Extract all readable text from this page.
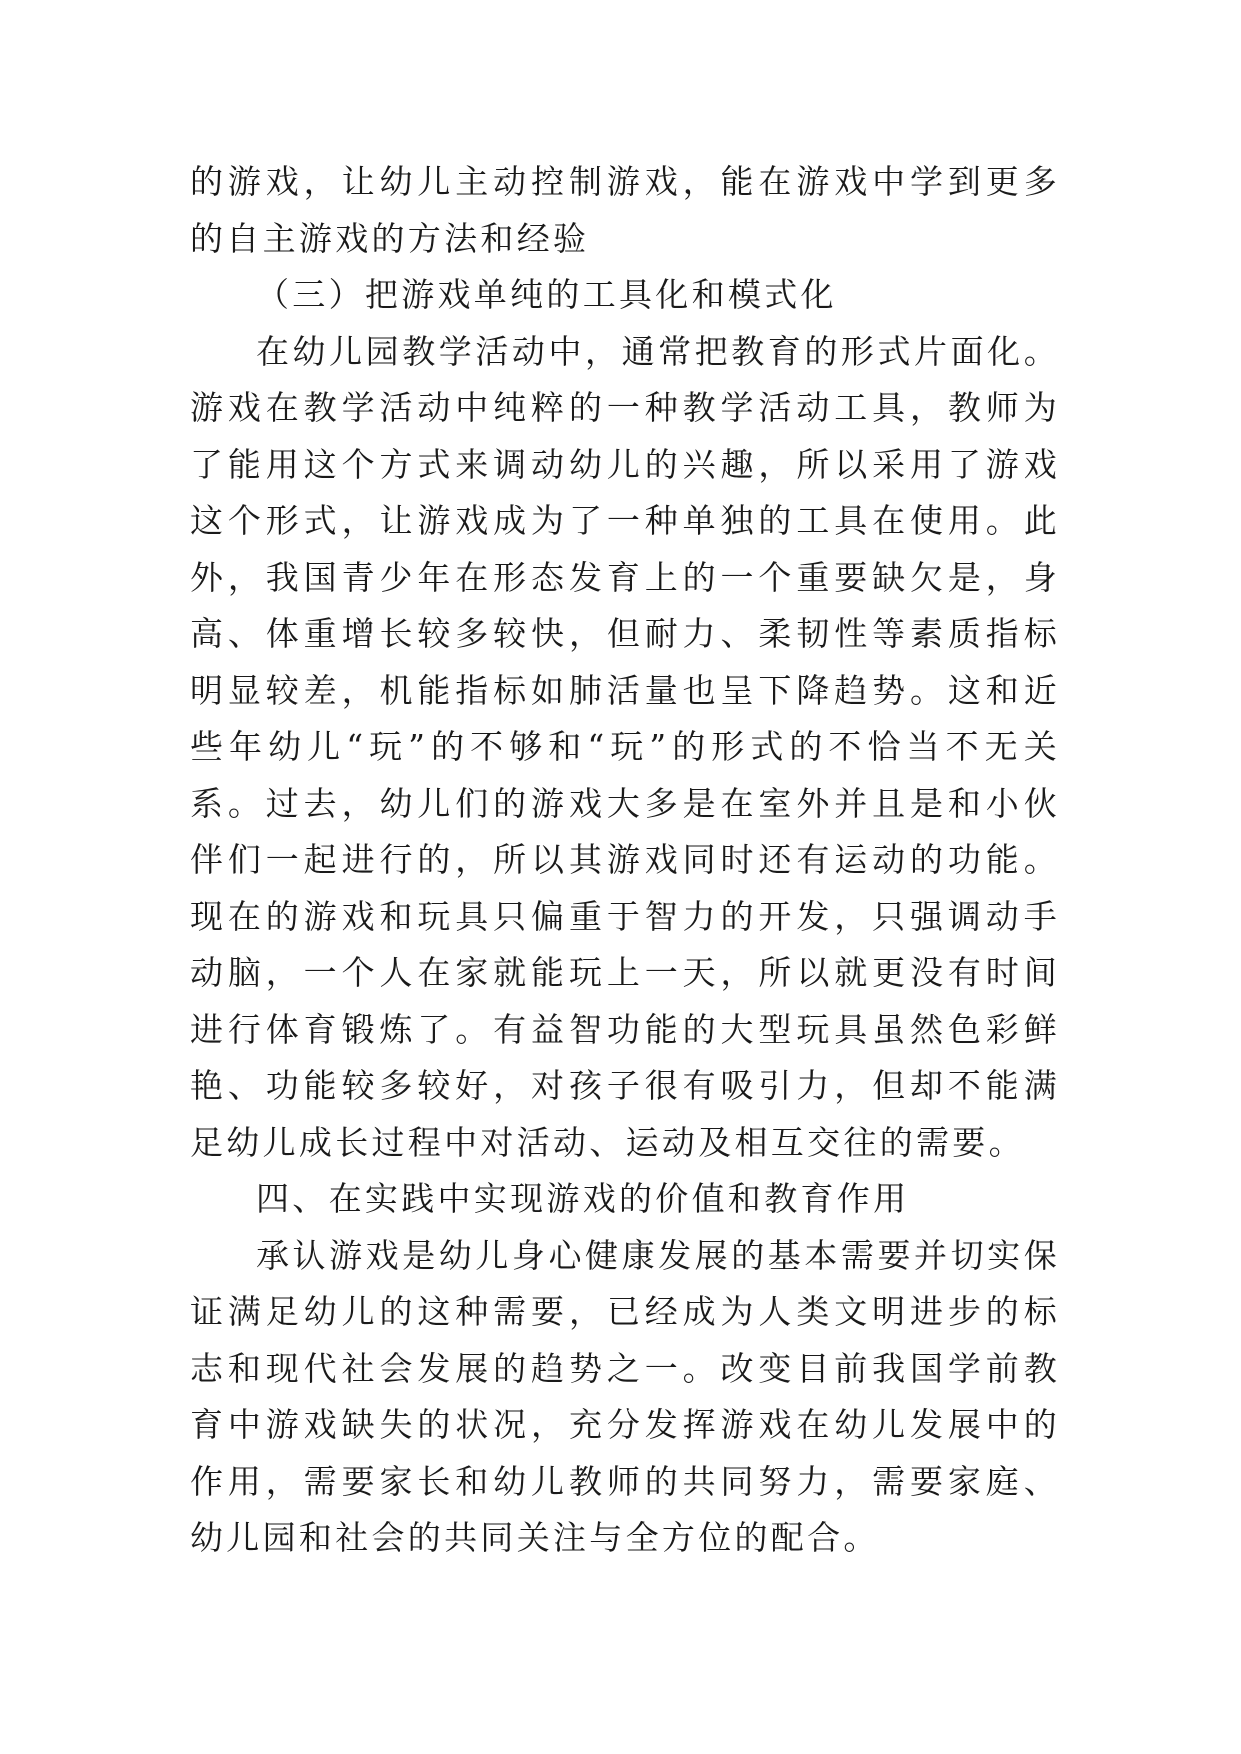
的游戏，让幼儿主动控制游戏，能在游戏中学到更多的自主游戏的方法和经验

（三）把游戏单纯的工具化和模式化

在幼儿园教学活动中，通常把教育的形式片面化。游戏在教学活动中纯粹的一种教学活动工具，教师为了能用这个方式来调动幼儿的兴趣，所以采用了游戏这个形式，让游戏成为了一种单独的工具在使用。此外，我国青少年在形态发育上的一个重要缺欠是，身高、体重增长较多较快，但耐力、柔韧性等素质指标明显较差，机能指标如肺活量也呈下降趋势。这和近些年幼儿“玩”的不够和“玩”的形式的不恰当不无关系。过去，幼儿们的游戏大多是在室外并且是和小伙伴们一起进行的，所以其游戏同时还有运动的功能。现在的游戏和玩具只偏重于智力的开发，只强调动手动脑，一个人在家就能玩上一天，所以就更没有时间进行体育锻炼了。有益智功能的大型玩具虽然色彩鲜艳、功能较多较好，对孩子很有吸引力，但却不能满足幼儿成长过程中对活动、运动及相互交往的需要。

四、在实践中实现游戏的价值和教育作用

承认游戏是幼儿身心健康发展的基本需要并切实保证满足幼儿的这种需要，已经成为人类文明进步的标志和现代社会发展的趋势之一。改变目前我国学前教育中游戏缺失的状况，充分发挥游戏在幼儿发展中的作用，需要家长和幼儿教师的共同努力，需要家庭、幼儿园和社会的共同关注与全方位的配合。
